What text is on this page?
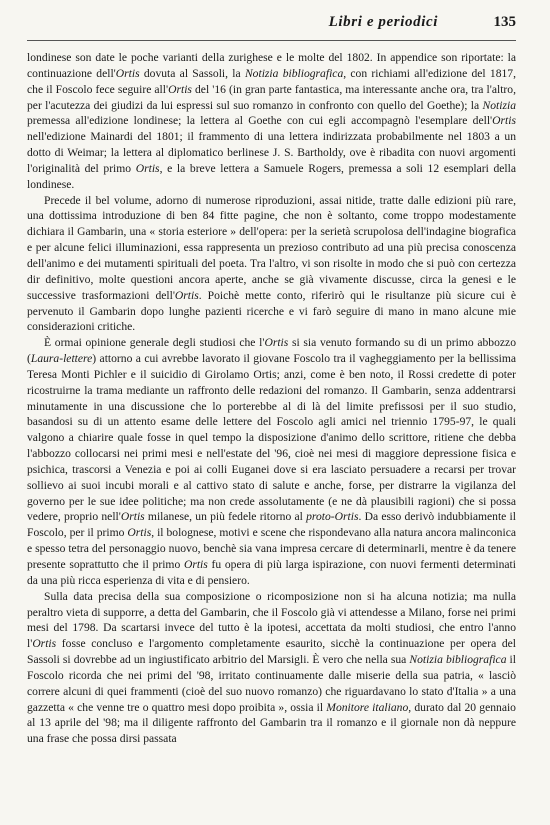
Libri e periodici	135

londinese son date le poche varianti della zurighese e le molte del 1802. In appendice son riportate: la continuazione dell'Ortis dovuta al Sassoli, la Notizia bibliografica, con richiami all'edizione del 1817, che il Foscolo fece seguire all'Ortis del '16 (in gran parte fantastica, ma interessante anche ora, tra l'altro, per l'acutezza dei giudizi da lui espressi sul suo romanzo in confronto con quello del Goethe); la Notizia premessa all'edizione londinese; la lettera al Goethe con cui egli accompagnò l'esemplare dell'Ortis nell'edizione Mainardi del 1801; il frammento di una lettera indirizzata probabilmente nel 1803 a un dotto di Weimar; la lettera al diplomatico berlinese J. S. Bartholdy, ove è ribadita con nuovi argomenti l'originalità del primo Ortis, e la breve lettera a Samuele Rogers, premessa a soli 12 esemplari della londinese.

Precede il bel volume, adorno di numerose riproduzioni, assai nitide, tratte dalle edizioni più rare, una dottissima introduzione di ben 84 fitte pagine, che non è soltanto, come troppo modestamente dichiara il Gambarin, una « storia esteriore » dell'opera: per la serietà scrupolosa dell'indagine biografica e per alcune felici illuminazioni, essa rappresenta un prezioso contributo ad una più precisa conoscenza dell'animo e dei mutamenti spirituali del poeta. Tra l'altro, vi son risolte in modo che si può con certezza dir definitivo, molte questioni ancora aperte, anche se già vivamente discusse, circa la genesi e le successive trasformazioni dell'Ortis. Poichè mette conto, riferirò qui le risultanze più sicure cui è pervenuto il Gambarin dopo lunghe pazienti ricerche e vi farò seguire di mano in mano alcune mie considerazioni critiche.

È ormai opinione generale degli studiosi che l'Ortis si sia venuto formando su di un primo abbozzo (Laura-lettere) attorno a cui avrebbe lavorato il giovane Foscolo tra il vagheggiamento per la bellissima Teresa Monti Pichler e il suicidio di Girolamo Ortis; anzi, come è ben noto, il Rossi credette di poter ricostruirne la trama mediante un raffronto delle redazioni del romanzo. Il Gambarin, senza addentrarsi minutamente in una discussione che lo porterebbe al di là del limite prefissosi per il suo studio, basandosi su di un attento esame delle lettere del Foscolo agli amici nel triennio 1795-97, le quali valgono a chiarire quale fosse in quel tempo la disposizione d'animo dello scrittore, ritiene che debba l'abbozzo collocarsi nei primi mesi e nell'estate del '96, cioè nei mesi di maggiore depressione fisica e psichica, trascorsi a Venezia e poi ai colli Euganei dove si era lasciato persuadere a recarsi per trovar sollievo ai suoi incubi morali e al cattivo stato di salute e anche, forse, per distrarre la vigilanza del governo per le sue idee politiche; ma non crede assolutamente (e ne dà plausibili ragioni) che si possa vedere, proprio nell'Ortis milanese, un più fedele ritorno al proto-Ortis. Da esso derivò indubbiamente il Foscolo, per il primo Ortis, il bolognese, motivi e scene che rispondevano alla natura ancora malinconica e spesso tetra del personaggio nuovo, benchè sia vana impresa cercare di determinarli, mentre è da tenere presente soprattutto che il primo Ortis fu opera di più larga ispirazione, con nuovi fermenti determinati da una più ricca esperienza di vita e di pensiero.

Sulla data precisa della sua composizione o ricomposizione non si ha alcuna notizia; ma nulla peraltro vieta di supporre, a detta del Gambarin, che il Foscolo già vi attendesse a Milano, forse nei primi mesi del 1798. Da scartarsi invece del tutto è la ipotesi, accettata da molti studiosi, che entro l'anno l'Ortis fosse concluso e l'argomento completamente esaurito, sicchè la continuazione per opera del Sassoli si dovrebbe ad un ingiustificato arbitrio del Marsigli. È vero che nella sua Notizia bibliografica il Foscolo ricorda che nei primi del '98, irritato continuamente dalle miserie della sua patria, « lasciò correre alcuni di quei frammenti (cioè del suo nuovo romanzo) che riguardavano lo stato d'Italia » a una gazzetta « che venne tre o quattro mesi dopo proibita », ossia il Monitore italiano, durato dal 20 gennaio al 13 aprile del '98; ma il diligente raffronto del Gambarin tra il romanzo e il giornale non dà neppure una frase che possa dirsi passata
